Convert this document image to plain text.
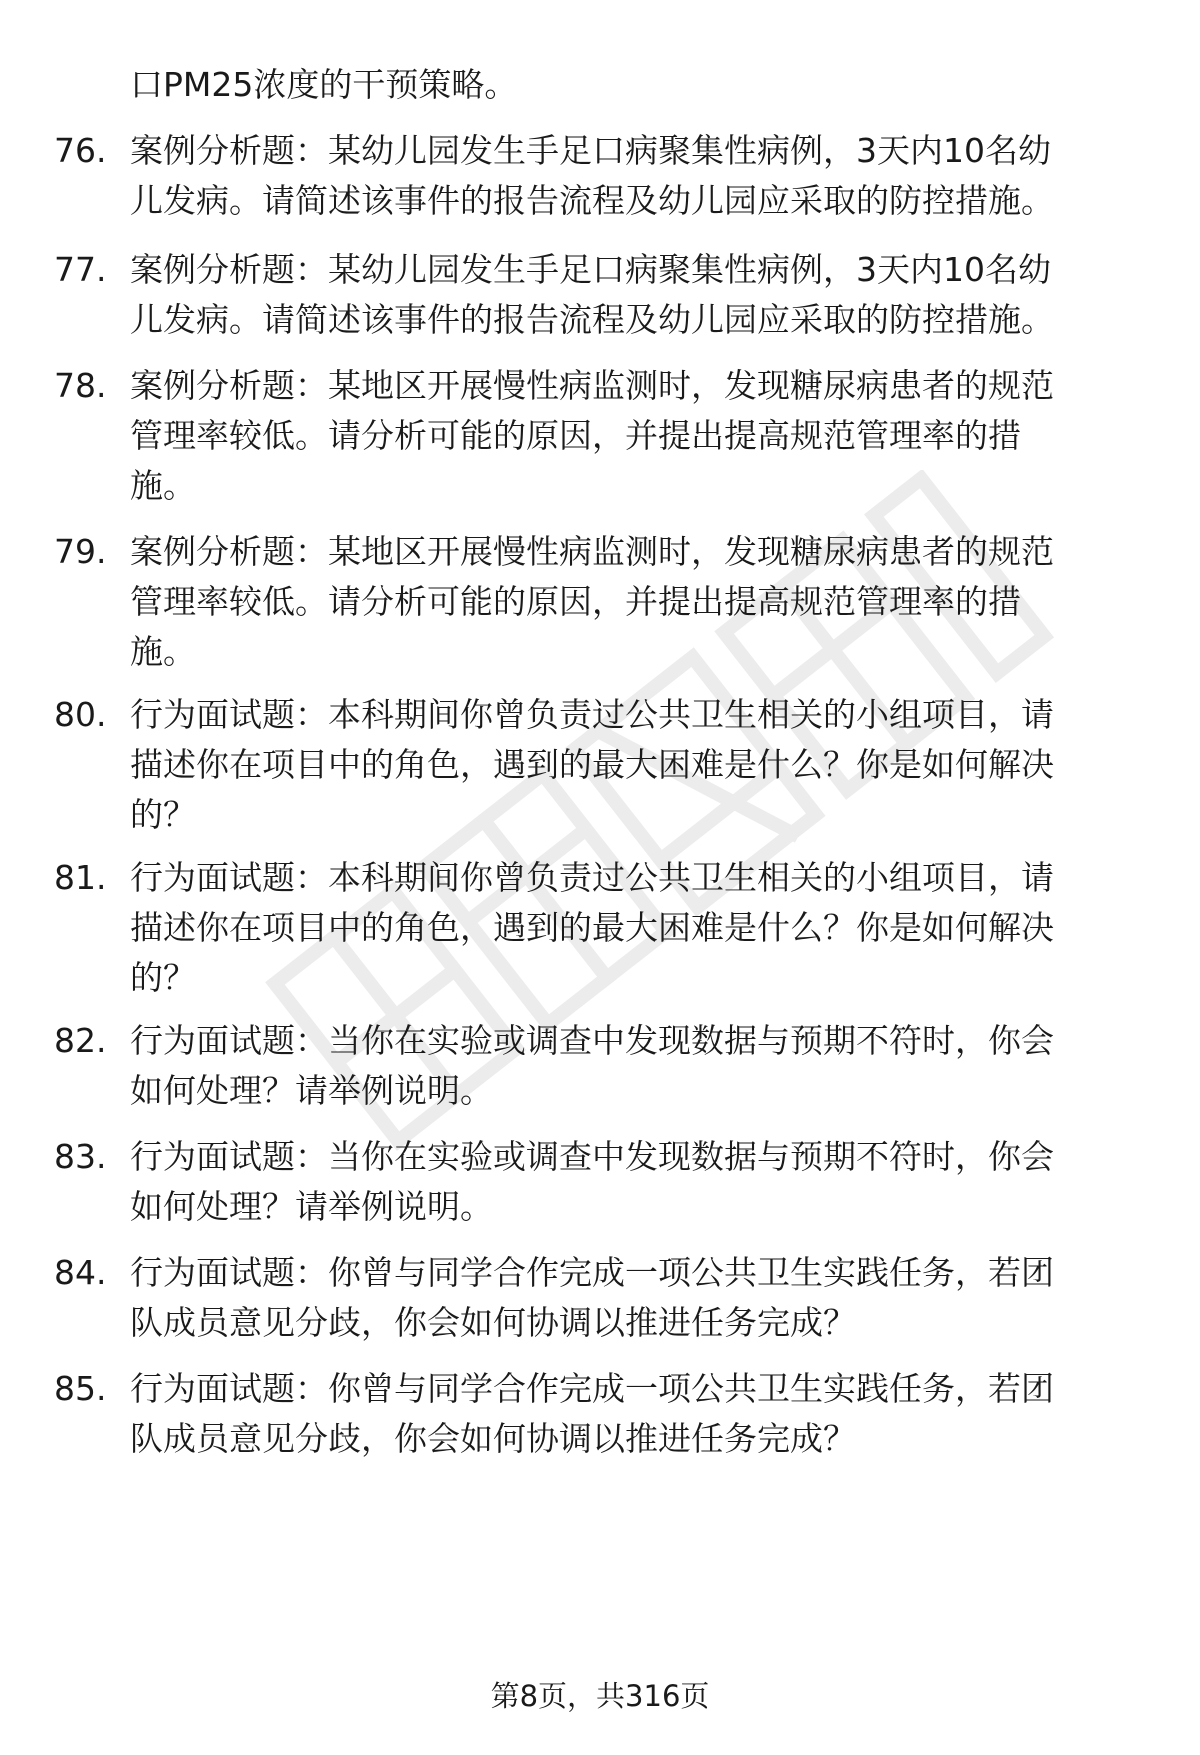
口PM25浓度的干预策略。
76. 案例分析题：某幼儿园发生手足口病聚集性病例，3天内10名幼
儿发病。请简述该事件的报告流程及幼儿园应采取的防控措施。
77. 案例分析题：某幼儿园发生手足口病聚集性病例，3天内10名幼
儿发病。请简述该事件的报告流程及幼儿园应采取的防控措施。
78. 案例分析题：某地区开展慢性病监测时，发现糖尿病患者的规范
管理率较低。请分析可能的原因，并提出提高规范管理率的措
施。
79. 案例分析题：某地区开展慢性病监测时，发现糖尿病患者的规范
管理率较低。请分析可能的原因，并提出提高规范管理率的措
施。
80. 行为面试题：本科期间你曾负责过公共卫生相关的小组项目，请
描述你在项目中的角色，遇到的最大困难是什么？你是如何解决
的？
81. 行为面试题：本科期间你曾负责过公共卫生相关的小组项目，请
描述你在项目中的角色，遇到的最大困难是什么？你是如何解决
的？
82. 行为面试题：当你在实验或调查中发现数据与预期不符时，你会
如何处理？请举例说明。
83. 行为面试题：当你在实验或调查中发现数据与预期不符时，你会
如何处理？请举例说明。
84. 行为面试题：你曾与同学合作完成一项公共卫生实践任务，若团
队成员意见分歧，你会如何协调以推进任务完成？
85. 行为面试题：你曾与同学合作完成一项公共卫生实践任务，若团
队成员意见分歧，你会如何协调以推进任务完成？
第8页，共316页
